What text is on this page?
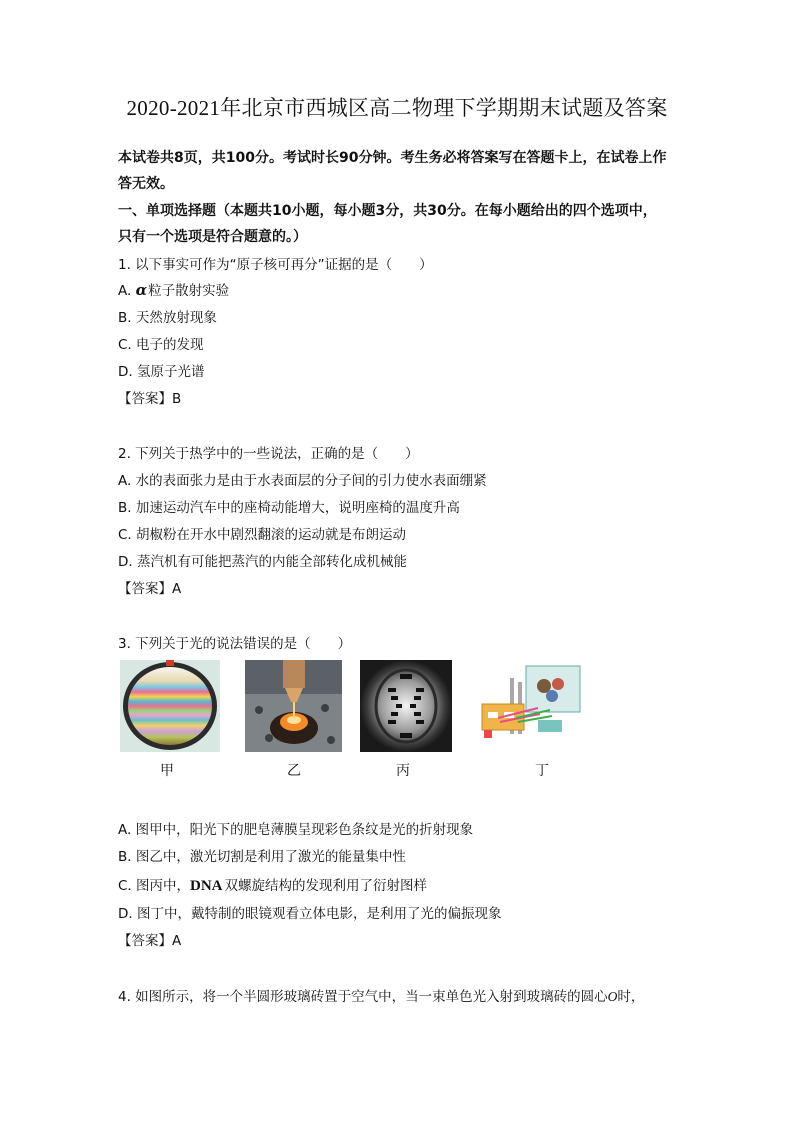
2020-2021年北京市西城区高二物理下学期期末试题及答案
本试卷共8页，共100分。考试时长90分钟。考生务必将答案写在答题卡上，在试卷上作
答无效。
一、单项选择题（本题共10小题，每小题3分，共30分。在每小题给出的四个选项中，
只有一个选项是符合题意的。）
1. 以下事实可作为“原子核可再分”证据的是（　　）
A. α粒子散射实验
B. 天然放射现象
C. 电子的发现
D. 氢原子光谱
【答案】B
2. 下列关于热学中的一些说法，正确的是（　　）
A. 水的表面张力是由于水表面层的分子间的引力使水表面绷紧
B. 加速运动汽车中的座椅动能增大，说明座椅的温度升高
C. 胡椒粉在开水中剧烈翻滚的运动就是布朗运动
D. 蒸汽机有可能把蒸汽的内能全部转化成机械能
【答案】A
3. 下列关于光的说法错误的是（　　）
甲	乙	丙	丁
A. 图甲中，阳光下的肥皂薄膜呈现彩色条纹是光的折射现象
B. 图乙中，激光切割是利用了激光的能量集中性
C. 图丙中，DNA 双螺旋结构的发现利用了衍射图样
D. 图丁中，戴特制的眼镜观看立体电影，是利用了光的偏振现象
【答案】A
4. 如图所示，将一个半圆形玻璃砖置于空气中，当一束单色光入射到玻璃砖的圆心O时，
